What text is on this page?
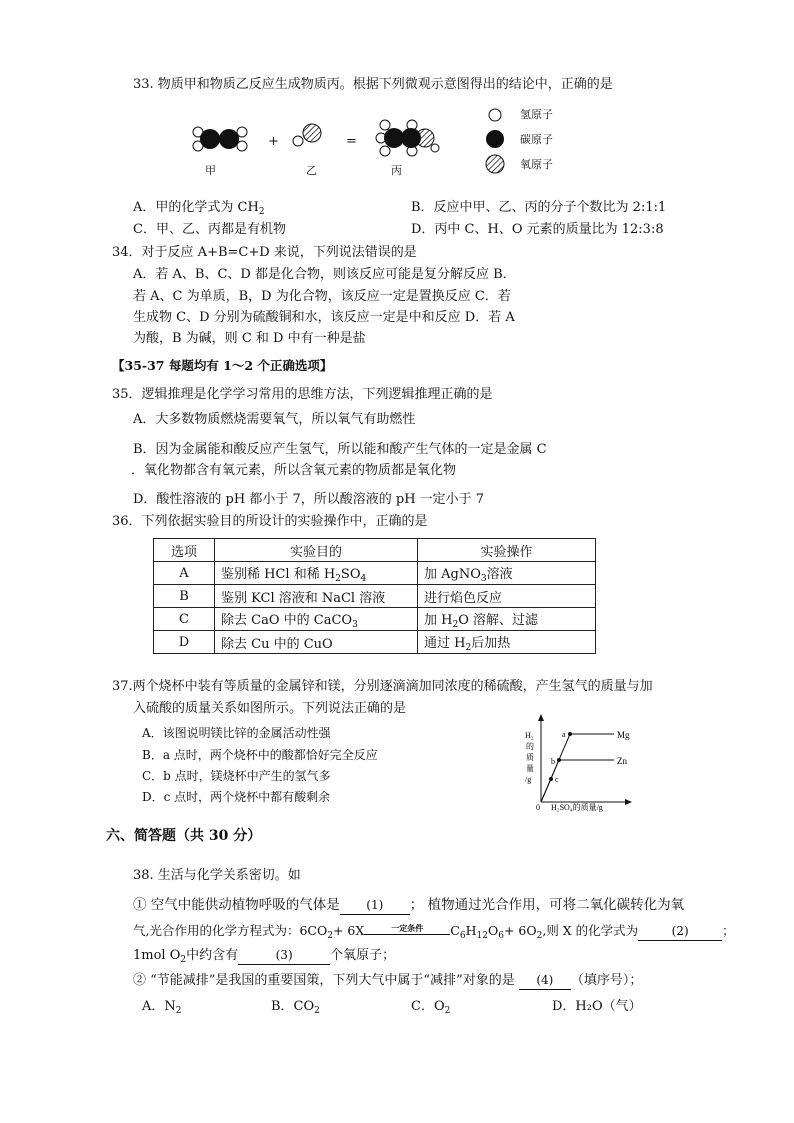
33. 物质甲和物质乙反应生成物质丙。根据下列微观示意图得出的结论中，正确的是
+	=
甲	乙	丙
氢原子
碳原子
氧原子
A．甲的化学式为 $CH_2$	B．反应中甲、乙、丙的分子个数比为 2:1:1
C．甲、乙、丙都是有机物	D．丙中 C、H、O 元素的质量比为 12:3:8
34．对于反应 A+B=C+D 来说，下列说法错误的是
A．若 A、B、C、D 都是化合物，则该反应可能是复分解反应 B．
若 A、C 为单质，B，D 为化合物，该反应一定是置换反应 C．若
生成物 C、D 分别为硫酸铜和水，该反应一定是中和反应 D．若 A
为酸，B 为碱，则 C 和 D 中有一种是盐
【35-37 每题均有 1～2 个正确选项】
35．逻辑推理是化学学习常用的思维方法，下列逻辑推理正确的是
A．大多数物质燃烧需要氧气，所以氧气有助燃性
B．因为金属能和酸反应产生氢气，所以能和酸产生气体的一定是金属 C
．氧化物都含有氧元素，所以含氧元素的物质都是氧化物
D．酸性溶液的 pH 都小于 7，所以酸溶液的 pH 一定小于 7
36．下列依据实验目的所设计的实验操作中，正确的是
选项	实验目的	实验操作
A	鉴别稀 HCl 和稀 $H_2SO_4$	加 AgNO$_3$溶液
B	鉴别 KCl 溶液和 NaCl 溶液	进行焰色反应
C	除去 CaO 中的 CaCO$_3$	加 $H_2O$ 溶解、过滤
D	除去 Cu 中的 CuO	通过 $H_2$后加热
37.两个烧杯中装有等质量的金属锌和镁，分别逐滴滴加同浓度的稀硫酸，产生氢气的质量与加
入硫酸的质量关系如图所示。下列说法正确的是
A．该图说明镁比锌的金属活动性强
B．a 点时，两个烧杯中的酸都恰好完全反应
C．b 点时，镁烧杯中产生的氢气多
D．c 点时，两个烧杯中都有酸剩余
a
b
c
Mg
Zn
0 H₂SO₄的质量/g
H₂
的
质
量
/g
六、简答题（共 30 分）
38. 生活与化学关系密切。如
① 空气中能供动植物呼吸的气体是 (1) ； 植物通过光合作用，可将二氧化碳转化为氧
气,光合作用的化学方程式为：$6CO_2+ 6X$	一定条件	$C_6H_{12}O_6+ 6O_2$,则 X 的化学式为	(2)	；
1mol $O_2$中约含有	(3)	个氧原子；
② “节能减排”是我国的重要国策，下列大气中属于“减排”对象的是 (4) （填序号）；
A．$N_2$	B．$CO_2$	C．$O_2$	D．H₂O（气）
